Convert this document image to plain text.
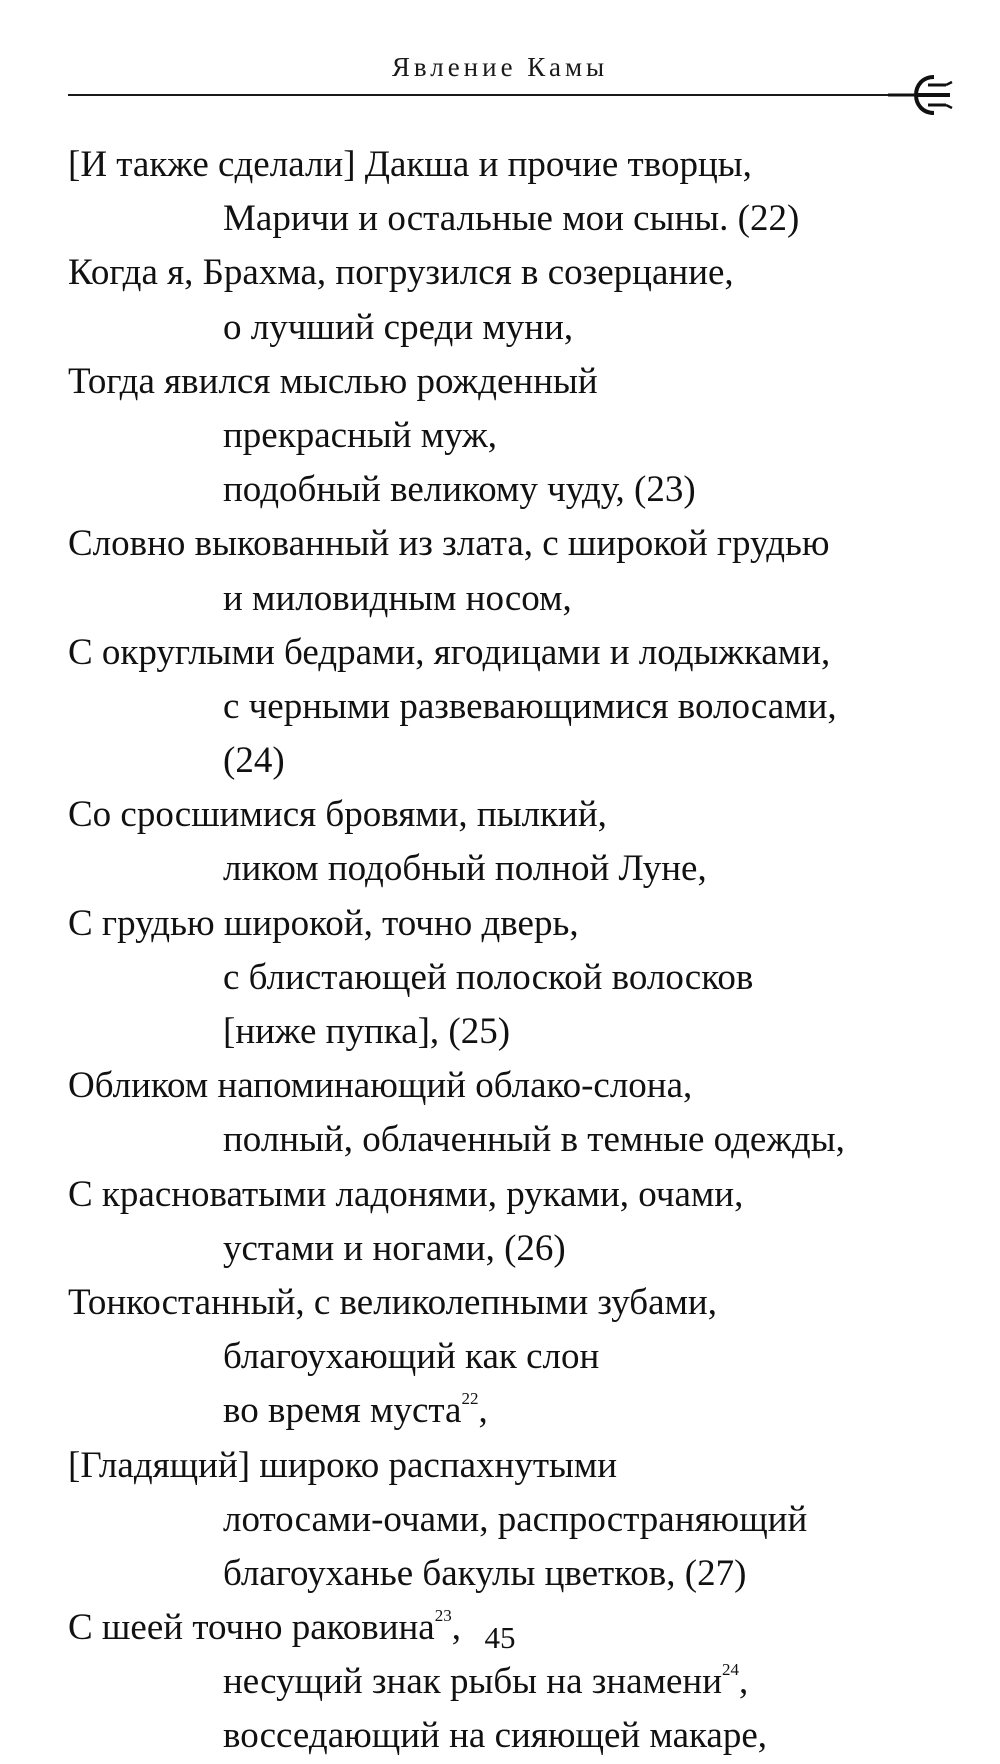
Явление Камы
[И также сделали] Дакша и прочие творцы,
Маричи и остальные мои сыны. (22)
Когда я, Брахма, погрузился в созерцание,
о лучший среди муни,
Тогда явился мыслью рожденный
прекрасный муж,
подобный великому чуду, (23)
Словно выкованный из злата, с широкой грудью
и миловидным носом,
С округлыми бедрами, ягодицами и лодыжками,
с черными развевающимися волосами,
(24)
Со сросшимися бровями, пылкий,
ликом подобный полной Луне,
С грудью широкой, точно дверь,
с блистающей полоской волосков
[ниже пупка], (25)
Обликом напоминающий облако-слона,
полный, облаченный в темные одежды,
С красноватыми ладонями, руками, очами,
устами и ногами, (26)
Тонкостанный, с великолепными зубами,
благоухающий как слон
во время муста$^{22}$,
[Гладящий] широко распахнутыми
лотосами-очами, распространяющий
благоуханье бакулы цветков, (27)
С шеей точно раковина$^{23}$,
несущий знак рыбы на знамени$^{24}$,
восседающий на сияющей макаре,
45
